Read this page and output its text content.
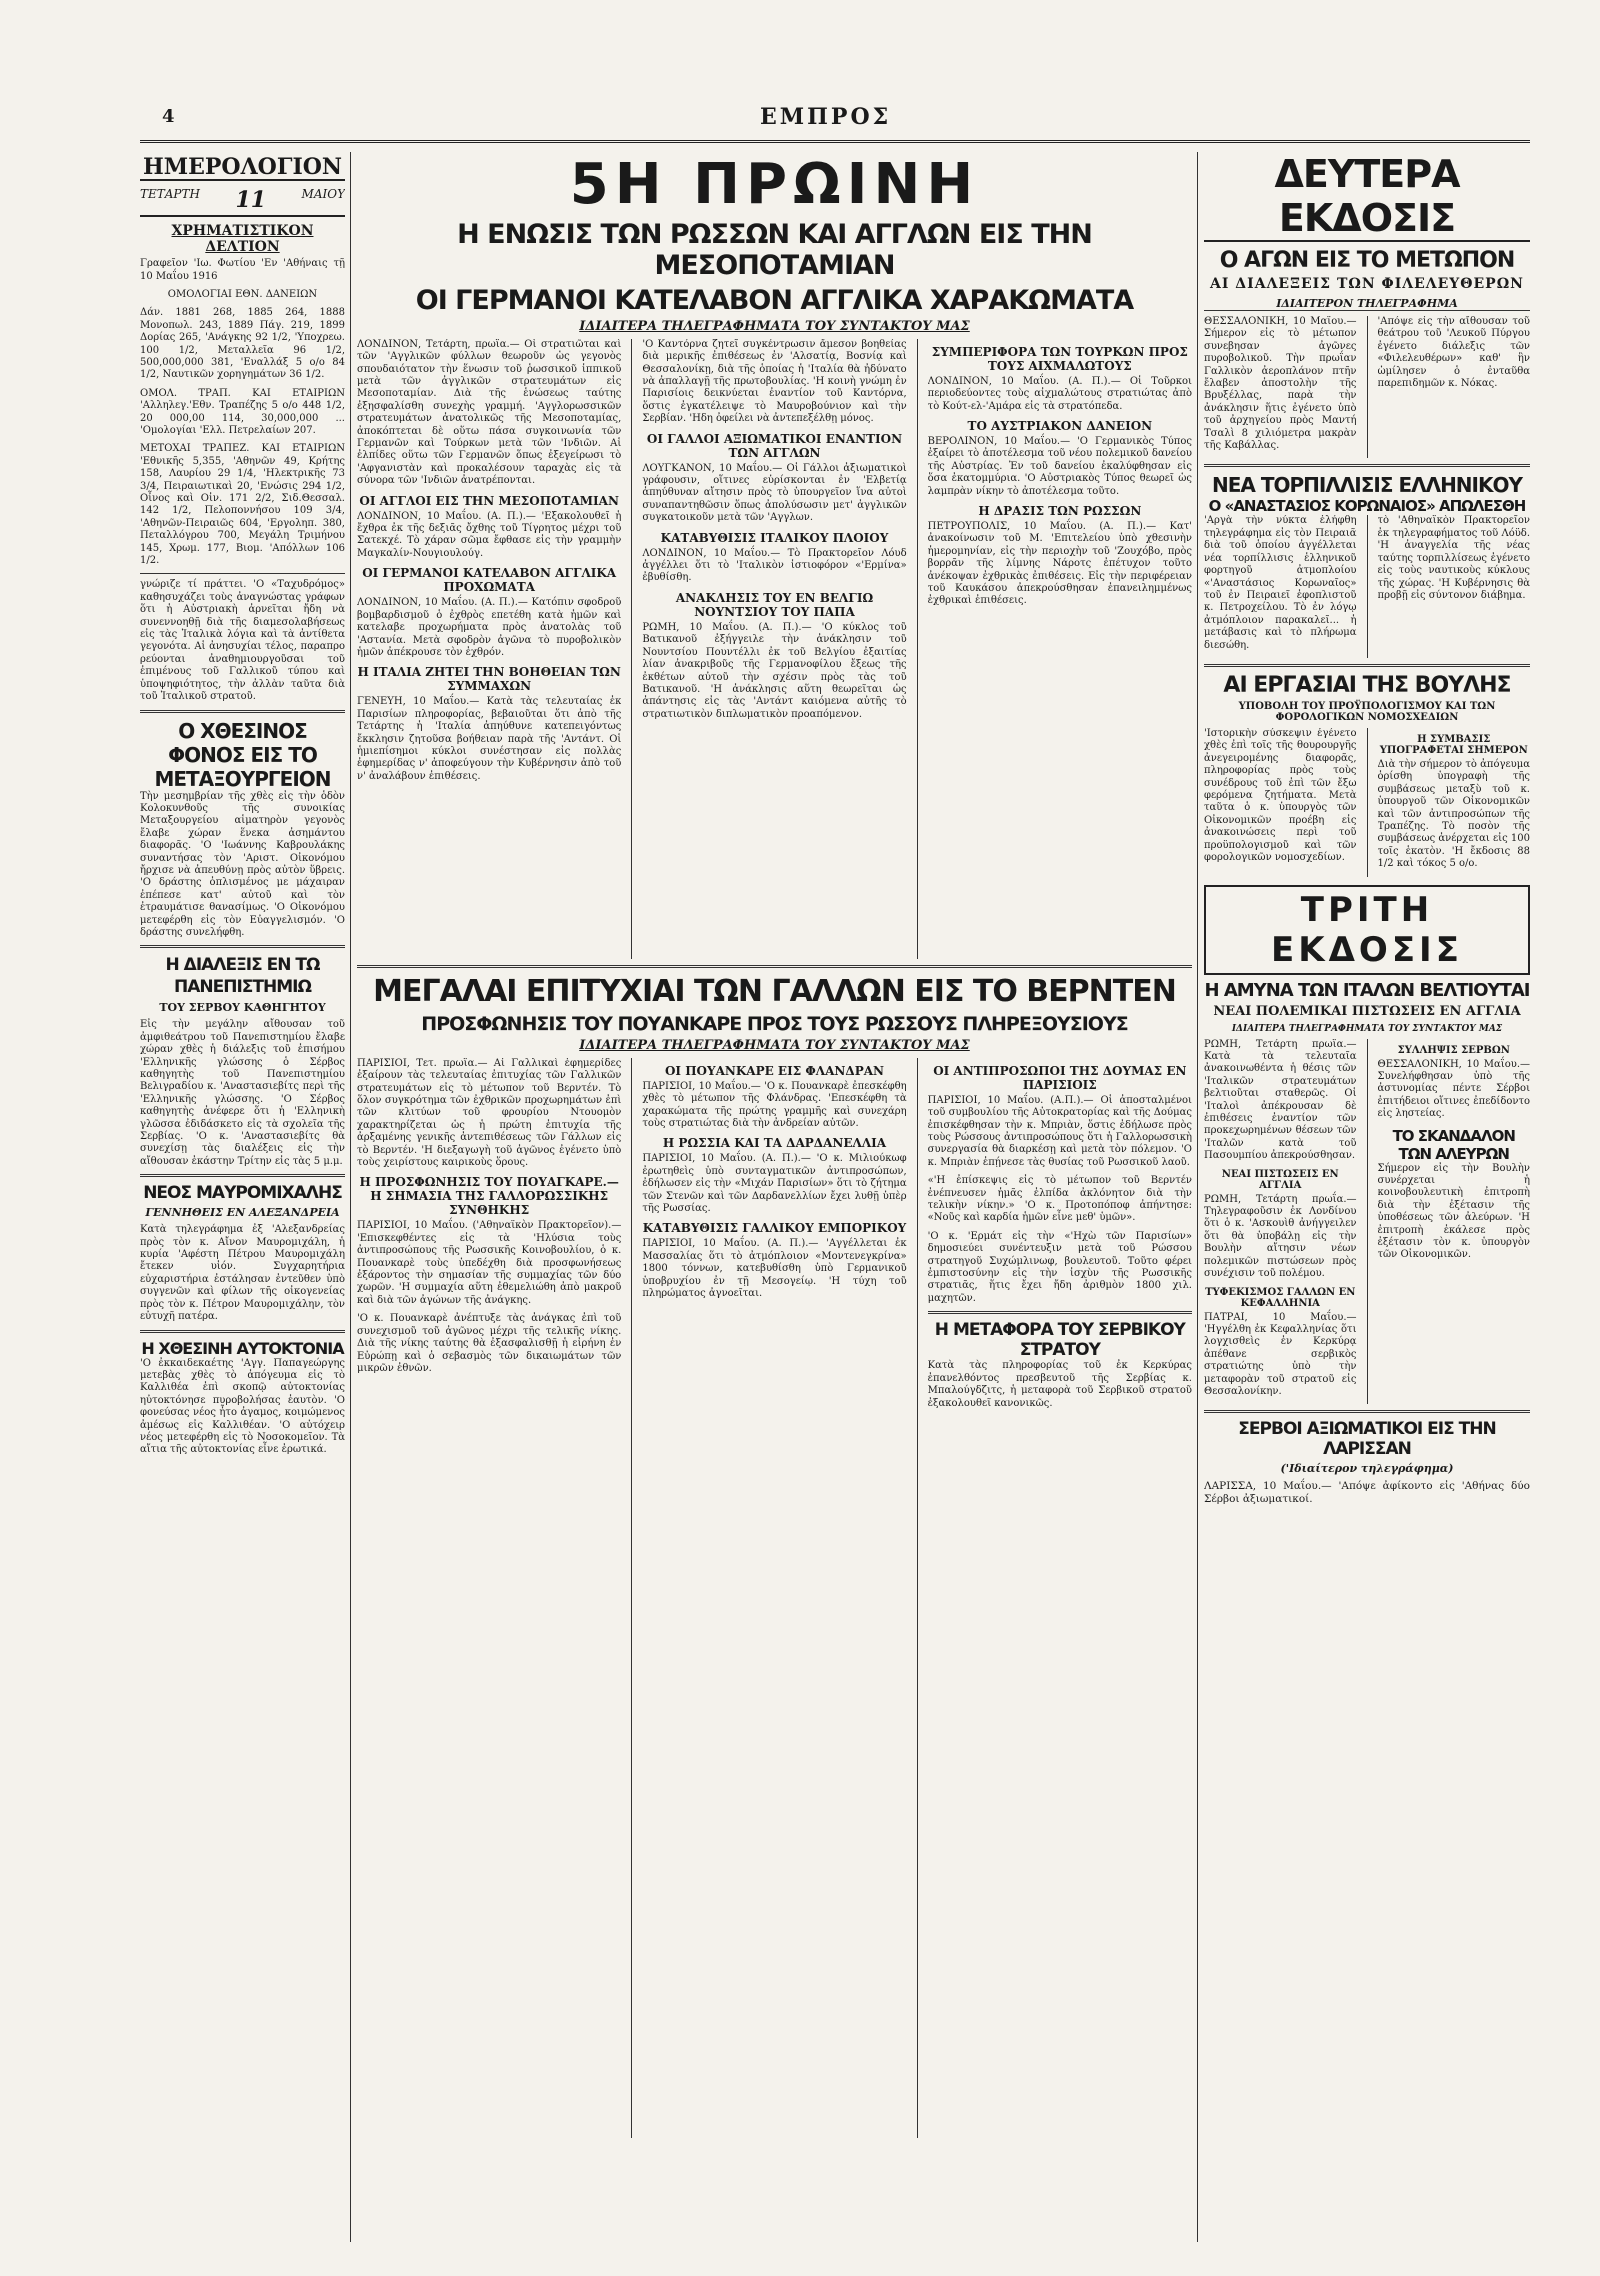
4	ΕΜΠΡΟΣ
ΗΜΕΡΟΛΟΓΙΟΝ
ΤΕΤΑΡΤΗ 11	ΜΑΙΟΥ
ΧΡΗΜΑΤΙΣΤΙΚΟΝ ΔΕΛΤΙΟΝ

Γραφεῖον 'Ιω. Φωτίου 'Εν 'Αθήναις τῇ 10 Μαΐου 1916

ΟΜΟΛΟΓΙΑΙ ΕΘΝ. ΔΑΝΕΙΩΝ

Δάν. 1881 268, 1885 264, 1888 Μονοπωλ. 243, 1889 Πάγ. 219, 1899 Δορίας 265, 'Ανάγκης 92 1/2, 'Υποχρεω. 100 1/2, Μεταλλεῖα 96 1/2, 500,000,000 381, 'Εναλλάξ 5 ο/ο 84 1/2, Ναυτικῶν χορηγημάτων 36 1/2.

ΟΜΟΛ. ΤΡΑΠ. ΚΑΙ ΕΤΑΙΡΙΩΝ 'Αλληλεγ.'Εθν. Τραπέζης 5 ο/ο 448 1/2, 20 000,00 114, 30,000,000 ... 'Ομολογίαι 'Ελλ. Πετρελαίων 207.

ΜΕΤΟΧΑΙ ΤΡΑΠΕΖ. ΚΑΙ ΕΤΑΙΡΙΩΝ 'Εθνικῆς 5,355, 'Αθηνῶν 49, Κρήτης 158, Λαυρίου 29 1/4, 'Ηλεκτρικῆς 73 3/4, Πειραιωτικαὶ 20, 'Ενώσις 294 1/2, Οἶνος καὶ Οἰν. 171 2/2, Σιδ.Θεσσαλ. 142 1/2, Πελοποννήσου 109 3/4, 'Αθηνῶν-Πειραιῶς 604, 'Εργοληπ. 380, Πεταλλόγρου 700, Μεγάλη Τριμήνου 145, Χρωμ. 177, Βιομ. 'Απόλλων 106 1/2.

γνώριζε τί πράττει. 'Ο «Ταχυδρόμος» καθησυχάζει τοὺς ἀναγνώστας γράφων ὅτι ἡ Αὐστριακὴ ἀρνεῖται ἤδη νὰ συνεννοηθῇ διὰ τῆς διαμεσολαβήσεως εἰς τὰς Ἰταλικὰ λόγια καὶ τὰ ἀντίθετα γεγονότα. Αἱ ἀνησυχίαι τέλος, παραπρο ρεύονται ἀναθημιουργοῦσαι τοῦ ἐπιμένους τοῦ Γαλλικοῦ τύπου καὶ ὑποψηφιότητος, τὴν ἀλλὰν ταῦτα διὰ τοῦ Ἰταλικοῦ στρατοῦ.

Ο ΧΘΕΣΙΝΟΣ ΦΟΝΟΣ ΕΙΣ ΤΟ ΜΕΤΑΞΟΥΡΓΕΙΟΝ

Τὴν μεσημβρίαν τῆς χθὲς εἰς τὴν ὁδὸν Κολοκυνθοῦς τῆς συνοικίας Μεταξουργείου αἱματηρὸν γεγονὸς ἔλαβε χώραν ἕνεκα ἀσημάντου διαφορᾶς. 'Ο 'Ιωάννης Καβρουλάκης συναντήσας τὸν 'Αριστ. Οἰκονόμου ἤρχισε νὰ ἀπευθύνῃ πρὸς αὐτὸν ὕβρεις. 'Ο δράστης ὀπλισμένος με μάχαιραν ἐπέπεσε κατ' αὐτοῦ καὶ τὸν ἐτραυμάτισε θανασίμως. 'Ο Οἰκονόμου μετεφέρθη εἰς τὸν Εὐαγγελισμόν. 'Ο δράστης συνελήφθη.

Η ΔΙΑΛΕΞΙΣ ΕΝ ΤΩ ΠΑΝΕΠΙΣΤΗΜΙΩ
ΤΟΥ ΣΕΡΒΟΥ ΚΑΘΗΓΗΤΟΥ

Εἰς τὴν μεγάλην αἴθουσαν τοῦ ἀμφιθεάτρου τοῦ Πανεπιστημίου ἔλαβε χώραν χθὲς ἡ διάλεξις τοῦ ἐπισήμου 'Ελληνικῆς γλώσσης ὁ Σέρβος καθηγητὴς τοῦ Πανεπιστημίου Βελιγραδίου κ. 'Αναστασιεβίτς περὶ τῆς 'Ελληνικῆς γλώσσης. 'Ο Σέρβος καθηγητὴς ἀνέφερε ὅτι ἡ 'Ελληνικὴ γλῶσσα ἐδιδάσκετο εἰς τὰ σχολεῖα τῆς Σερβίας. 'Ο κ. 'Αναστασιεβίτς θὰ συνεχίσῃ τὰς διαλέξεις εἰς τὴν αἴθουσαν ἐκάστην Τρίτην εἰς τὰς 5 μ.μ.

ΝΕΟΣ ΜΑΥΡΟΜΙΧΑΛΗΣ
ΓΕΝΝΗΘΕΙΣ ΕΝ ΑΛΕΞΑΝΔΡΕΙΑ

Κατὰ τηλεγράφημα ἐξ 'Αλεξανδρείας πρὸς τὸν κ. Αἴνον Μαυρομιχάλη, ἡ κυρία 'Αφέστη Πέτρου Μαυρομιχάλη ἔτεκεν υἱόν. Συγχαρητήρια εὐχαριστήρια ἐστάλησαν ἐντεῦθεν ὑπὸ συγγενῶν καὶ φίλων τῆς οἰκογενείας πρὸς τὸν κ. Πέτρον Μαυρομιχάλην, τὸν εὐτυχῆ πατέρα.

Η ΧΘΕΣΙΝΗ ΑΥΤΟΚΤΟΝΙΑ

'Ο ἐκκαιδεκαέτης 'Αγγ. Παπαγεώργης μετεβὰς χθὲς τὸ ἀπόγευμα εἰς τὸ Καλλιθέα ἐπὶ σκοπῷ αὐτοκτονίας ηὐτοκτόνησε πυροβολήσας ἑαυτὸν. 'Ο φονεύσας νέος ἦτο ἀγαμος, κοιμώμενος ἀμέσως εἰς Καλλιθέαν. 'Ο αὐτόχειρ νέος μετεφέρθη εἰς τὸ Νοσοκομεῖον. Τὰ αἴτια τῆς αὐτοκτονίας εἶνε ἐρωτικά.

5Η ΠΡΩΙΝΗ
Η ΕΝΩΣΙΣ ΤΩΝ ΡΩΣΣΩΝ ΚΑΙ ΑΓΓΛΩΝ ΕΙΣ ΤΗΝ ΜΕΣΟΠΟΤΑΜΙΑΝ
ΟΙ ΓΕΡΜΑΝΟΙ ΚΑΤΕΛΑΒΟΝ ΑΓΓΛΙΚΑ ΧΑΡΑΚΩΜΑΤΑ
ΙΔΙΑΙΤΕΡΑ ΤΗΛΕΓΡΑΦΗΜΑΤΑ ΤΟΥ ΣΥΝΤΑΚΤΟΥ ΜΑΣ

ΛΟΝΔΙΝΟΝ, Τετάρτη, πρωΐα.— Οἱ στρατιῶται καὶ τῶν 'Αγγλικῶν φύλλων θεωροῦν ὡς γεγονὸς σπουδαιότατον τὴν ἕνωσιν τοῦ ῥωσσικοῦ ἱππικοῦ μετὰ τῶν ἀγγλικῶν στρατευμάτων εἰς Μεσοποταμίαν. Διὰ τῆς ἑνώσεως ταύτης ἐξησφαλίσθη συνεχὴς γραμμή. 'Αγγλορωσσικῶν στρατευμάτων ἀνατολικῶς τῆς Μεσοποταμίας, ἀποκόπτεται δὲ οὕτω πάσα συγκοινωνία τῶν Γερμανῶν καὶ Τούρκων μετὰ τῶν 'Ινδιῶν. Αἱ ἐλπίδες οὕτω τῶν Γερμανῶν ὅπως ἐξεγείρωσι τὸ 'Αφγανιστὰν καὶ προκαλέσουν ταραχὰς εἰς τὰ σύνορα τῶν 'Ινδιῶν ἀνατρέπονται.

ΟΙ ΑΓΓΛΟΙ ΕΙΣ ΤΗΝ ΜΕΣΟΠΟΤΑΜΙΑΝ

ΛΟΝΔΙΝΟΝ, 10 Μαΐου. (Α. Π.).— 'Εξακολουθεῖ ἡ ἔχθρα ἐκ τῆς δεξιᾶς ὄχθης τοῦ Τίγρητος μέχρι τοῦ Σατεκχέ. Τὸ χάραν σῶμα ἔφθασε εἰς τὴν γραμμὴν Μαγκαλίν-Νουγιουλούγ.

ΟΙ ΓΕΡΜΑΝΟΙ ΚΑΤΕΛΑΒΟΝ ΑΓΓΛΙΚΑ ΠΡΟΧΩΜΑΤΑ

ΛΟΝΔΙΝΟΝ, 10 Μαΐου. (Α. Π.).— Κατόπιν σφοδροῦ βομβαρδισμοῦ ὁ ἐχθρὸς επετέθη κατὰ ἡμῶν καὶ κατελαβε προχωρήματα πρὸς ἀνατολὰς τοῦ 'Αστανία. Μετὰ σφοδρὸν ἀγῶνα τὸ πυροβολικὸν ἡμῶν ἀπέκρουσε τὸν ἐχθρόν.

Η ΙΤΑΛΙΑ ΖΗΤΕΙ ΤΗΝ ΒΟΗΘΕΙΑΝ ΤΩΝ ΣΥΜΜΑΧΩΝ

ΓΕΝΕΥΗ, 10 Μαΐου.— Κατὰ τὰς τελευταίας ἐκ Παρισίων πληροφορίας, βεβαιοῦται ὅτι ἀπὸ τῆς Τετάρτης ἡ 'Ιταλία ἀπηύθυνε κατεπειγόντως ἔκκλησιν ζητοῦσα βοήθειαν παρὰ τῆς 'Αντάντ. Οἱ ἡμιεπίσημοι κύκλοι συνέστησαν εἰς πολλὰς ἐφημερίδας ν' ἀποφεύγουν τὴν Κυβέρνησιν ἀπὸ τοῦ ν' ἀναλάβουν ἐπιθέσεις.

'Ο Καντόρνα ζητεῖ συγκέντρωσιν ἄμεσον βοηθείας διὰ μερικῆς ἐπιθέσεως ἐν 'Αλσατίᾳ, Βοσνίᾳ καὶ Θεσσαλονίκῃ, διὰ τῆς ὁποίας ἡ 'Ιταλία θὰ ἠδύνατο νὰ ἀπαλλαγῇ τῆς πρωτοβουλίας. 'Η κοινὴ γνώμη ἐν Παρισίοις δεικνύεται ἐναντίον τοῦ Καντόρνα, ὅστις ἐγκατέλειψε τὸ Μαυροβούνιον καὶ τὴν Σερβίαν. 'Ηδη ὀφείλει νὰ ἀντεπεξέλθῃ μόνος.

ΟΙ ΓΑΛΛΟΙ ΑΞΙΩΜΑΤΙΚΟΙ ΕΝΑΝΤΙΟΝ ΤΩΝ ΑΓΓΛΩΝ

ΛΟΥΓΚΑΝΟΝ, 10 Μαΐου.— Οἱ Γάλλοι ἀξιωματικοὶ γράφουσιν, οἵτινες εὑρίσκονται ἐν 'Ελβετίᾳ ἀπηύθυναν αἴτησιν πρὸς τὸ ὑπουργεῖον ἵνα αὐτοὶ συναπαντηθῶσιν ὅπως ἀπολύσωσιν μετ' ἀγγλικῶν συγκατοικοῦν μετὰ τῶν 'Αγγλων.

ΚΑΤΑΒΥΘΙΣΙΣ ΙΤΑΛΙΚΟΥ ΠΛΟΙΟΥ

ΛΟΝΔΙΝΟΝ, 10 Μαΐου.— Τὸ Πρακτορεῖον Λόυδ ἀγγέλλει ὅτι τὸ 'Ιταλικὸν ἱστιοφόρον «'Ερμίνα» ἐβυθίσθη.

ΑΝΑΚΛΗΣΙΣ ΤΟΥ ΕΝ ΒΕΛΓΙΩ ΝΟΥΝΤΣΙΟΥ ΤΟΥ ΠΑΠΑ

ΡΩΜΗ, 10 Μαΐου. (Α. Π.).— 'Ο κύκλος τοῦ Βατικανοῦ ἐξήγγειλε τὴν ἀνάκλησιν τοῦ Νουντσίου Πουντέλλι ἐκ τοῦ Βελγίου ἐξαιτίας λίαν ἀνακριβοῦς τῆς Γερμανοφίλου ἔξεως τῆς ἐκθέτων αὐτοῦ τὴν σχέσιν πρὸς τὰς τοῦ Βατικανοῦ. 'Η ἀνάκλησις αὕτη θεωρεῖται ὡς ἀπάντησις εἰς τὰς 'Αντάντ καιόμενα αὐτῆς τὸ στρατιωτικὸν διπλωματικὸν προαπόμενον.

ΣΥΜΠΕΡΙΦΟΡΑ ΤΩΝ ΤΟΥΡΚΩΝ ΠΡΟΣ ΤΟΥΣ ΑΙΧΜΑΛΩΤΟΥΣ

ΛΟΝΔΙΝΟΝ, 10 Μαΐου. (Α. Π.).— Οἱ Τοῦρκοι περιοδεύοντες τοὺς αἰχμαλώτους στρατιώτας ἀπὸ τὸ Κούτ-ελ-'Αμάρα εἰς τὰ στρατόπεδα.

ΤΟ ΑΥΣΤΡΙΑΚΟΝ ΔΑΝΕΙΟΝ

ΒΕΡΟΛΙΝΟΝ, 10 Μαΐου.— 'Ο Γερμανικὸς Τύπος ἐξαίρει τὸ ἀποτέλεσμα τοῦ νέου πολεμικοῦ δανείου τῆς Αὐστρίας. Ἐν τοῦ δανείου ἐκαλύφθησαν εἰς ὅσα ἐκατομμύρια. 'Ο Αὐστριακὸς Τύπος θεωρεῖ ὡς λαμπρὰν νίκην τὸ ἀποτέλεσμα τοῦτο.

Η ΔΡΑΣΙΣ ΤΩΝ ΡΩΣΣΩΝ

ΠΕΤΡΟΥΠΟΛΙΣ, 10 Μαΐου. (Α. Π.).— Κατ' ἀνακοίνωσιν τοῦ Μ. 'Επιτελείου ὑπὸ χθεσινὴν ἡμερομηνίαν, εἰς τὴν περιοχὴν τοῦ 'Ζουχόβο, πρὸς βορρᾶν τῆς λίμνης Νάροτς ἐπέτυχον τοῦτο ἀνέκοψαν ἐχθρικὰς ἐπιθέσεις. Εἰς τὴν περιφέρειαν τοῦ Καυκάσου ἀπεκρούσθησαν ἐπανειλημμένως ἐχθρικαὶ ἐπιθέσεις.

ΜΕΓΑΛΑΙ ΕΠΙΤΥΧΙΑΙ ΤΩΝ ΓΑΛΛΩΝ ΕΙΣ ΤΟ ΒΕΡΝΤΕΝ
ΠΡΟΣΦΩΝΗΣΙΣ ΤΟΥ ΠΟΥΑΝΚΑΡΕ ΠΡΟΣ ΤΟΥΣ ΡΩΣΣΟΥΣ ΠΛΗΡΕΞΟΥΣΙΟΥΣ
ΙΔΙΑΙΤΕΡΑ ΤΗΛΕΓΡΑΦΗΜΑΤΑ ΤΟΥ ΣΥΝΤΑΚΤΟΥ ΜΑΣ

ΠΑΡΙΣΙΟΙ, Τετ. πρωΐα.— Αἱ Γαλλικαὶ ἐφημερίδες ἐξαίρουν τὰς τελευταίας ἐπιτυχίας τῶν Γαλλικῶν στρατευμάτων εἰς τὸ μέτωπον τοῦ Βερντέν. Τὸ ὅλον συγκρότημα τῶν ἐχθρικῶν προχωρημάτων ἐπὶ τῶν κλιτύων τοῦ φρουρίου Ντουομὸν χαρακτηρίζεται ὡς ἡ πρώτη ἐπιτυχία τῆς ἀρξαμένης γενικῆς ἀντεπιθέσεως τῶν Γάλλων εἰς τὸ Βερντέν. 'Η διεξαγωγὴ τοῦ ἀγῶνος ἐγένετο ὑπὸ τοὺς χειρίστους καιρικοὺς ὅρους.

Η ΠΡΟΣΦΩΝΗΣΙΣ ΤΟΥ ΠΟΥΑΓΚΑΡΕ.— Η ΣΗΜΑΣΙΑ ΤΗΣ ΓΑΛΛΟΡΩΣΣΙΚΗΣ ΣΥΝΘΗΚΗΣ

ΠΑΡΙΣΙΟΙ, 10 Μαΐου. ('Αθηναϊκὸν Πρακτορεῖον).— 'Επισκεφθέντες εἰς τὰ 'Ηλύσια τοὺς ἀντιπροσώπους τῆς Ρωσσικῆς Κοινοβουλίου, ὁ κ. Πουανκαρὲ τοὺς ὑπεδέχθη διὰ προσφωνήσεως ἐξάροντος τὴν σημασίαν τῆς συμμαχίας τῶν δύο χωρῶν. 'Η συμμαχία αὕτη ἐθεμελιώθη ἀπὸ μακροῦ καὶ διὰ τῶν ἀγώνων τῆς ἀνάγκης.

'Ο κ. Πουανκαρὲ ἀνέπτυξε τὰς ἀνάγκας ἐπὶ τοῦ συνεχισμοῦ τοῦ ἀγῶνος μέχρι τῆς τελικῆς νίκης. Διὰ τῆς νίκης ταύτης θὰ ἐξασφαλισθῇ ἡ εἰρήνη ἐν Εὐρώπῃ καὶ ὁ σεβασμὸς τῶν δικαιωμάτων τῶν μικρῶν ἐθνῶν.

ΟΙ ΠΟΥΑΝΚΑΡΕ ΕΙΣ ΦΛΑΝΔΡΑΝ

ΠΑΡΙΣΙΟΙ, 10 Μαΐου.— 'Ο κ. Πουανκαρὲ ἐπεσκέφθη χθὲς τὸ μέτωπον τῆς Φλάνδρας. 'Επεσκέφθη τὰ χαρακώματα τῆς πρώτης γραμμῆς καὶ συνεχάρη τοὺς στρατιώτας διὰ τὴν ἀνδρείαν αὐτῶν.

Η ΡΩΣΣΙΑ ΚΑΙ ΤΑ ΔΑΡΔΑΝΕΛΛΙΑ

ΠΑΡΙΣΙΟΙ, 10 Μαΐου. (Α. Π.).— 'Ο κ. Μιλιούκωφ ἐρωτηθεὶς ὑπὸ συνταγματικῶν ἀντιπροσώπων, ἐδήλωσεν εἰς τὴν «Μιχάν Παρισίων» ὅτι τὸ ζήτημα τῶν Στενῶν καὶ τῶν Δαρδανελλίων ἔχει λυθῇ ὑπὲρ τῆς Ρωσσίας.

ΚΑΤΑΒΥΘΙΣΙΣ ΓΑΛΛΙΚΟΥ ΕΜΠΟΡΙΚΟΥ

ΠΑΡΙΣΙΟΙ, 10 Μαΐου. (Α. Π.).— 'Αγγέλλεται ἐκ Μασσαλίας ὅτι τὸ ἀτμόπλοιον «Μοντενεγκρίνα» 1800 τόννων, κατεβυθίσθη ὑπὸ Γερμανικοῦ ὑποβρυχίου ἐν τῇ Μεσογείῳ. 'Η τύχη τοῦ πληρώματος ἀγνοεῖται.

ΟΙ ΑΝΤΙΠΡΟΣΩΠΟΙ ΤΗΣ ΔΟΥΜΑΣ ΕΝ ΠΑΡΙΣΙΟΙΣ

ΠΑΡΙΣΙΟΙ, 10 Μαΐου. (Α.Π.).— Οἱ ἀποσταλμένοι τοῦ συμβουλίου τῆς Αὐτοκρατορίας καὶ τῆς Δούμας ἐπισκέφθησαν τὴν κ. Μπριὰν, ὅστις ἐδήλωσε πρὸς τοὺς Ρώσσους ἀντιπροσώπους ὅτι ἡ Γαλλορωσσικὴ συνεργασία θὰ διαρκέσῃ καὶ μετὰ τὸν πόλεμον. 'Ο κ. Μπριὰν ἐπῄνεσε τὰς θυσίας τοῦ Ρωσσικοῦ λαοῦ.

«'Η ἐπίσκεψις εἰς τὸ μέτωπον τοῦ Βερντέν ἐνέπνευσεν ἡμᾶς ἐλπίδα ἀκλόνητον διὰ τὴν τελικὴν νίκην.» 'Ο κ. Προτοπόποφ ἀπήντησε: «Νοῦς καὶ καρδία ἡμῶν εἶνε μεθ' ὑμῶν».

'Ο κ. 'Ερμάτ εἰς τὴν «'Ηχὼ τῶν Παρισίων» δημοσιεύει συνέντευξιν μετὰ τοῦ Ρώσσου στρατηγοῦ Συχώμλινωφ, βουλευτοῦ. Τοῦτο φέρει ἐμπιστοσύνην εἰς τὴν ἰσχὺν τῆς Ρωσσικῆς στρατιᾶς, ἥτις ἔχει ἤδη ἀριθμὸν 1800 χιλ. μαχητῶν.

Η ΜΕΤΑΦΟΡΑ ΤΟΥ ΣΕΡΒΙΚΟΥ ΣΤΡΑΤΟΥ

Κατὰ τὰς πληροφορίας τοῦ ἐκ Κερκύρας ἐπανελθόντος πρεσβευτοῦ τῆς Σερβίας κ. Μπαλούγδζιτς, ἡ μεταφορὰ τοῦ Σερβικοῦ στρατοῦ ἐξακολουθεῖ κανονικῶς.

ΔΕΥΤΕΡΑ ΕΚΔΟΣΙΣ
Ο ΑΓΩΝ ΕΙΣ ΤΟ ΜΕΤΩΠΟΝ
ΑΙ ΔΙΑΛΕΞΕΙΣ ΤΩΝ ΦΙΛΕΛΕΥΘΕΡΩΝ
ΙΔΙΑΙΤΕΡΟΝ ΤΗΛΕΓΡΑΦΗΜΑ

ΘΕΣΣΑΛΟΝΙΚΗ, 10 Μαΐου.— Σήμερον εἰς τὸ μέτωπον συνεβησαν ἀγῶνες πυροβολικοῦ. Τὴν πρωΐαν Γαλλικὸν ἀεροπλάνον πτῆν ἔλαβεν ἀποστολὴν τῆς Βρυξέλλας, παρὰ τὴν ἀνάκλησιν ἥτις ἐγένετο ὑπὸ τοῦ ἀρχηγείου πρὸς Μαντή Τσαλὶ 8 χιλιόμετρα μακρὰν τῆς Καβάλλας.

'Απόψε εἰς τὴν αἴθουσαν τοῦ θεάτρου τοῦ 'Λευκοῦ Πύργου ἐγένετο διάλεξις τῶν «Φιλελευθέρων» καθ' ἣν ὡμίλησεν ὁ ἐνταῦθα παρεπιδημῶν κ. Νόκας.

ΝΕΑ ΤΟΡΠΙΛΛΙΣΙΣ ΕΛΛΗΝΙΚΟΥ
Ο «ΑΝΑΣΤΑΣΙΟΣ ΚΟΡΩΝΑΙΟΣ» ΑΠΩΛΕΣΘΗ

'Αργὰ τὴν νύκτα ἐλήφθη τηλεγράφημα εἰς τὸν Πειραιᾶ διὰ τοῦ ὁποίου ἀγγέλλεται νέα τορπίλλισις ἑλληνικοῦ φορτηγοῦ ἀτμοπλοίου «'Αναστάσιος Κορωναῖος» τοῦ ἐν Πειραιεῖ ἐφοπλιστοῦ κ. Πετροχείλου. Τὸ ἐν λόγῳ ἀτμόπλοιον παρακαλεῖ... ἡ μετάβασις καὶ τὸ πλήρωμα διεσώθη.

τὸ 'Αθηναϊκὸν Πρακτορεῖον ἐκ τηλεγραφήματος τοῦ Λόϋδ. 'Η ἀναγγελία τῆς νέας ταύτης τορπιλλίσεως ἐγένετο εἰς τοὺς ναυτικοὺς κύκλους τῆς χώρας. 'Η Κυβέρνησις θὰ προβῇ εἰς σύντονον διάβημα.

ΑΙ ΕΡΓΑΣΙΑΙ ΤΗΣ ΒΟΥΛΗΣ
ΥΠΟΒΟΛΗ ΤΟΥ ΠΡΟΫΠΟΛΟΓΙΣΜΟΥ ΚΑΙ ΤΩΝ ΦΟΡΟΛΟΓΙΚΩΝ ΝΟΜΟΣΧΕΔΙΩΝ

'Ιστορικὴν σύσκεψιν ἐγένετο χθὲς ἐπὶ τοῖς τῆς θουρουργῆς ἀνεγειρομένης διαφορᾶς, πληροφορίας πρὸς τοὺς συνέδρους τοῦ ἐπὶ τῶν ἔξω φερόμενα ζητήματα. Μετὰ ταῦτα ὁ κ. ὑπουργὸς τῶν Οἰκονομικῶν προέβη εἰς ἀνακοινώσεις περὶ τοῦ προϋπολογισμοῦ καὶ τῶν φορολογικῶν νομοσχεδίων.

Η ΣΥΜΒΑΣΙΣ ΥΠΟΓΡΑΦΕΤΑΙ ΣΗΜΕΡΟΝ

Διὰ τὴν σήμερον τὸ ἀπόγευμα ὁρίσθη ὑπογραφὴ τῆς συμβάσεως μεταξὺ τοῦ κ. ὑπουργοῦ τῶν Οἰκονομικῶν καὶ τῶν ἀντιπροσώπων τῆς Τραπέζης. Τὸ ποσὸν τῆς συμβάσεως ἀνέρχεται εἰς 100 τοῖς ἑκατὸν. 'Η ἔκδοσις 88 1/2 καὶ τόκος 5 ο/ο.

ΤΡΙΤΗ ΕΚΔΟΣΙΣ
Η ΑΜΥΝΑ ΤΩΝ ΙΤΑΛΩΝ ΒΕΛΤΙΟΥΤΑΙ
ΝΕΑΙ ΠΟΛΕΜΙΚΑΙ ΠΙΣΤΩΣΕΙΣ ΕΝ ΑΓΓΛΙΑ
ΙΔΙΑΙΤΕΡΑ ΤΗΛΕΓΡΑΦΗΜΑΤΑ ΤΟΥ ΣΥΝΤΑΚΤΟΥ ΜΑΣ

ΡΩΜΗ, Τετάρτη πρωΐα.— Κατὰ τὰ τελευταῖα ἀνακοινωθέντα ἡ θέσις τῶν 'Ιταλικῶν στρατευμάτων βελτιοῦται σταθερῶς. Οἱ 'Ιταλοὶ ἀπέκρουσαν δὲ ἐπιθέσεις ἐναντίον τῶν προκεχωρημένων θέσεων τῶν 'Ιταλῶν κατὰ τοῦ Πασουμπίου ἀπεκρούσθησαν.

ΝΕΑΙ ΠΙΣΤΩΣΕΙΣ ΕΝ ΑΓΓΛΙΑ

ΡΩΜΗ, Τετάρτη πρωΐα.— Τηλεγραφοῦσιν ἐκ Λονδίνου ὅτι ὁ κ. 'Ασκουὶθ ἀνήγγειλεν ὅτι θὰ ὑποβάλῃ εἰς τὴν Βουλὴν αἴτησιν νέων πολεμικῶν πιστώσεων πρὸς συνέχισιν τοῦ πολέμου.

ΤΥΦΕΚΙΣΜΟΣ ΓΑΛΛΩΝ ΕΝ ΚΕΦΑΛΛΗΝΙΑ

ΠΑΤΡΑΙ, 10 Μαΐου.— 'Ηγγέλθη ἐκ Κεφαλληνίας ὅτι λογχισθεὶς ἐν Κερκύρᾳ ἀπέθανε σερβικὸς στρατιώτης ὑπὸ τὴν μεταφορὰν τοῦ στρατοῦ εἰς Θεσσαλονίκην.

ΣΥΛΛΗΨΙΣ ΣΕΡΒΩΝ

ΘΕΣΣΑΛΟΝΙΚΗ, 10 Μαΐου.— Συνελήφθησαν ὑπὸ τῆς ἀστυνομίας πέντε Σέρβοι ἐπιτήδειοι οἵτινες ἐπεδίδοντο εἰς ληστείας.

ΤΟ ΣΚΑΝΔΑΛΟΝ ΤΩΝ ΑΛΕΥΡΩΝ

Σήμερον εἰς τὴν Βουλὴν συνέρχεται ἡ κοινοβουλευτικὴ ἐπιτροπὴ διὰ τὴν ἐξέτασιν τῆς ὑποθέσεως τῶν ἀλεύρων. 'Η ἐπιτροπὴ ἐκάλεσε πρὸς ἐξέτασιν τὸν κ. ὑπουργὸν τῶν Οἰκονομικῶν.

ΣΕΡΒΟΙ ΑΞΙΩΜΑΤΙΚΟΙ ΕΙΣ ΤΗΝ ΛΑΡΙΣΣΑΝ
('Ιδιαίτερον τηλεγράφημα)

ΛΑΡΙΣΣΑ, 10 Μαΐου.— 'Απόψε ἀφίκοντο εἰς 'Αθήνας δύο Σέρβοι ἀξιωματικοί.
